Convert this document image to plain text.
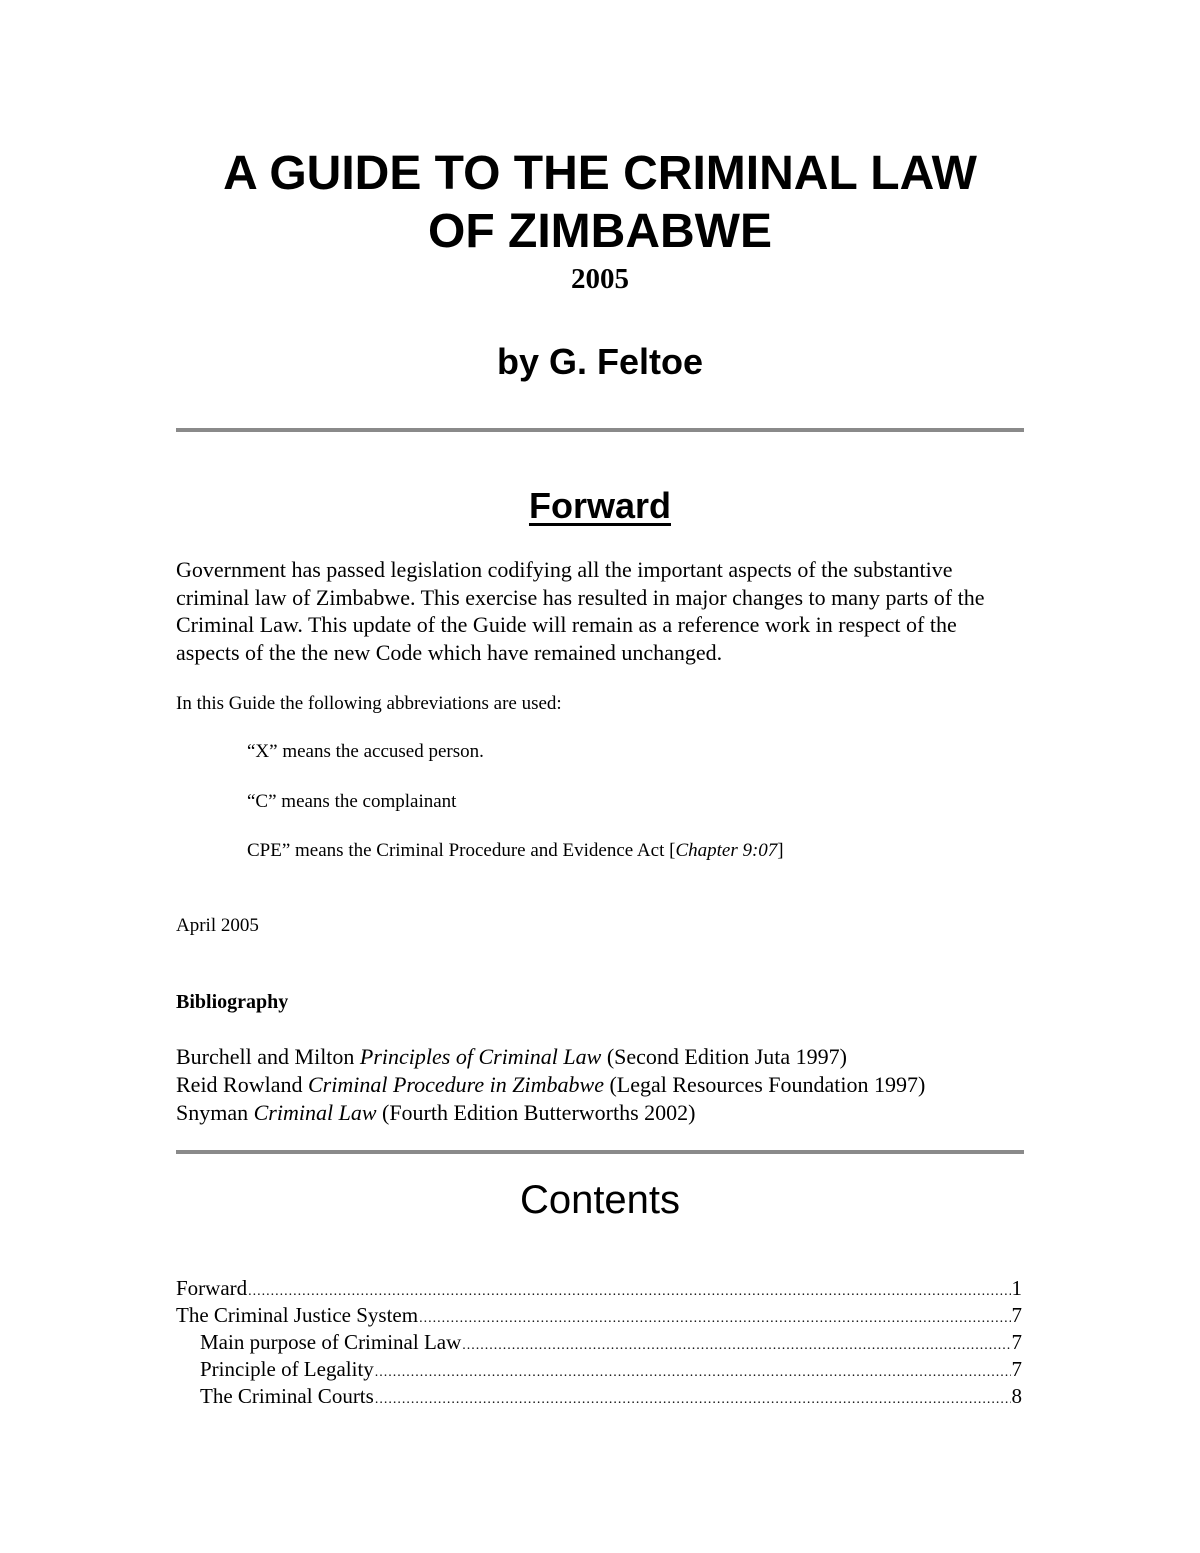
A GUIDE TO THE CRIMINAL LAW
OF ZIMBABWE
2005
by G. Feltoe
Forward
Government has passed legislation codifying all the important aspects of the substantive criminal law of Zimbabwe. This exercise has resulted in major changes to many parts of the Criminal Law. This update of the Guide will remain as a reference work in respect of the aspects of the the new Code which have remained unchanged.
In this Guide the following abbreviations are used:
“X” means the accused person.
“C” means the complainant
CPE” means the Criminal Procedure and Evidence Act [Chapter 9:07]
April 2005
Bibliography
Burchell and Milton Principles of Criminal Law (Second Edition Juta 1997)
Reid Rowland Criminal Procedure in Zimbabwe (Legal Resources Foundation 1997)
Snyman Criminal Law (Fourth Edition Butterworths 2002)
Contents
Forward .....	1
The Criminal Justice System .....	7
Main purpose of Criminal Law .....	7
Principle of Legality .....	7
The Criminal Courts .....	8
